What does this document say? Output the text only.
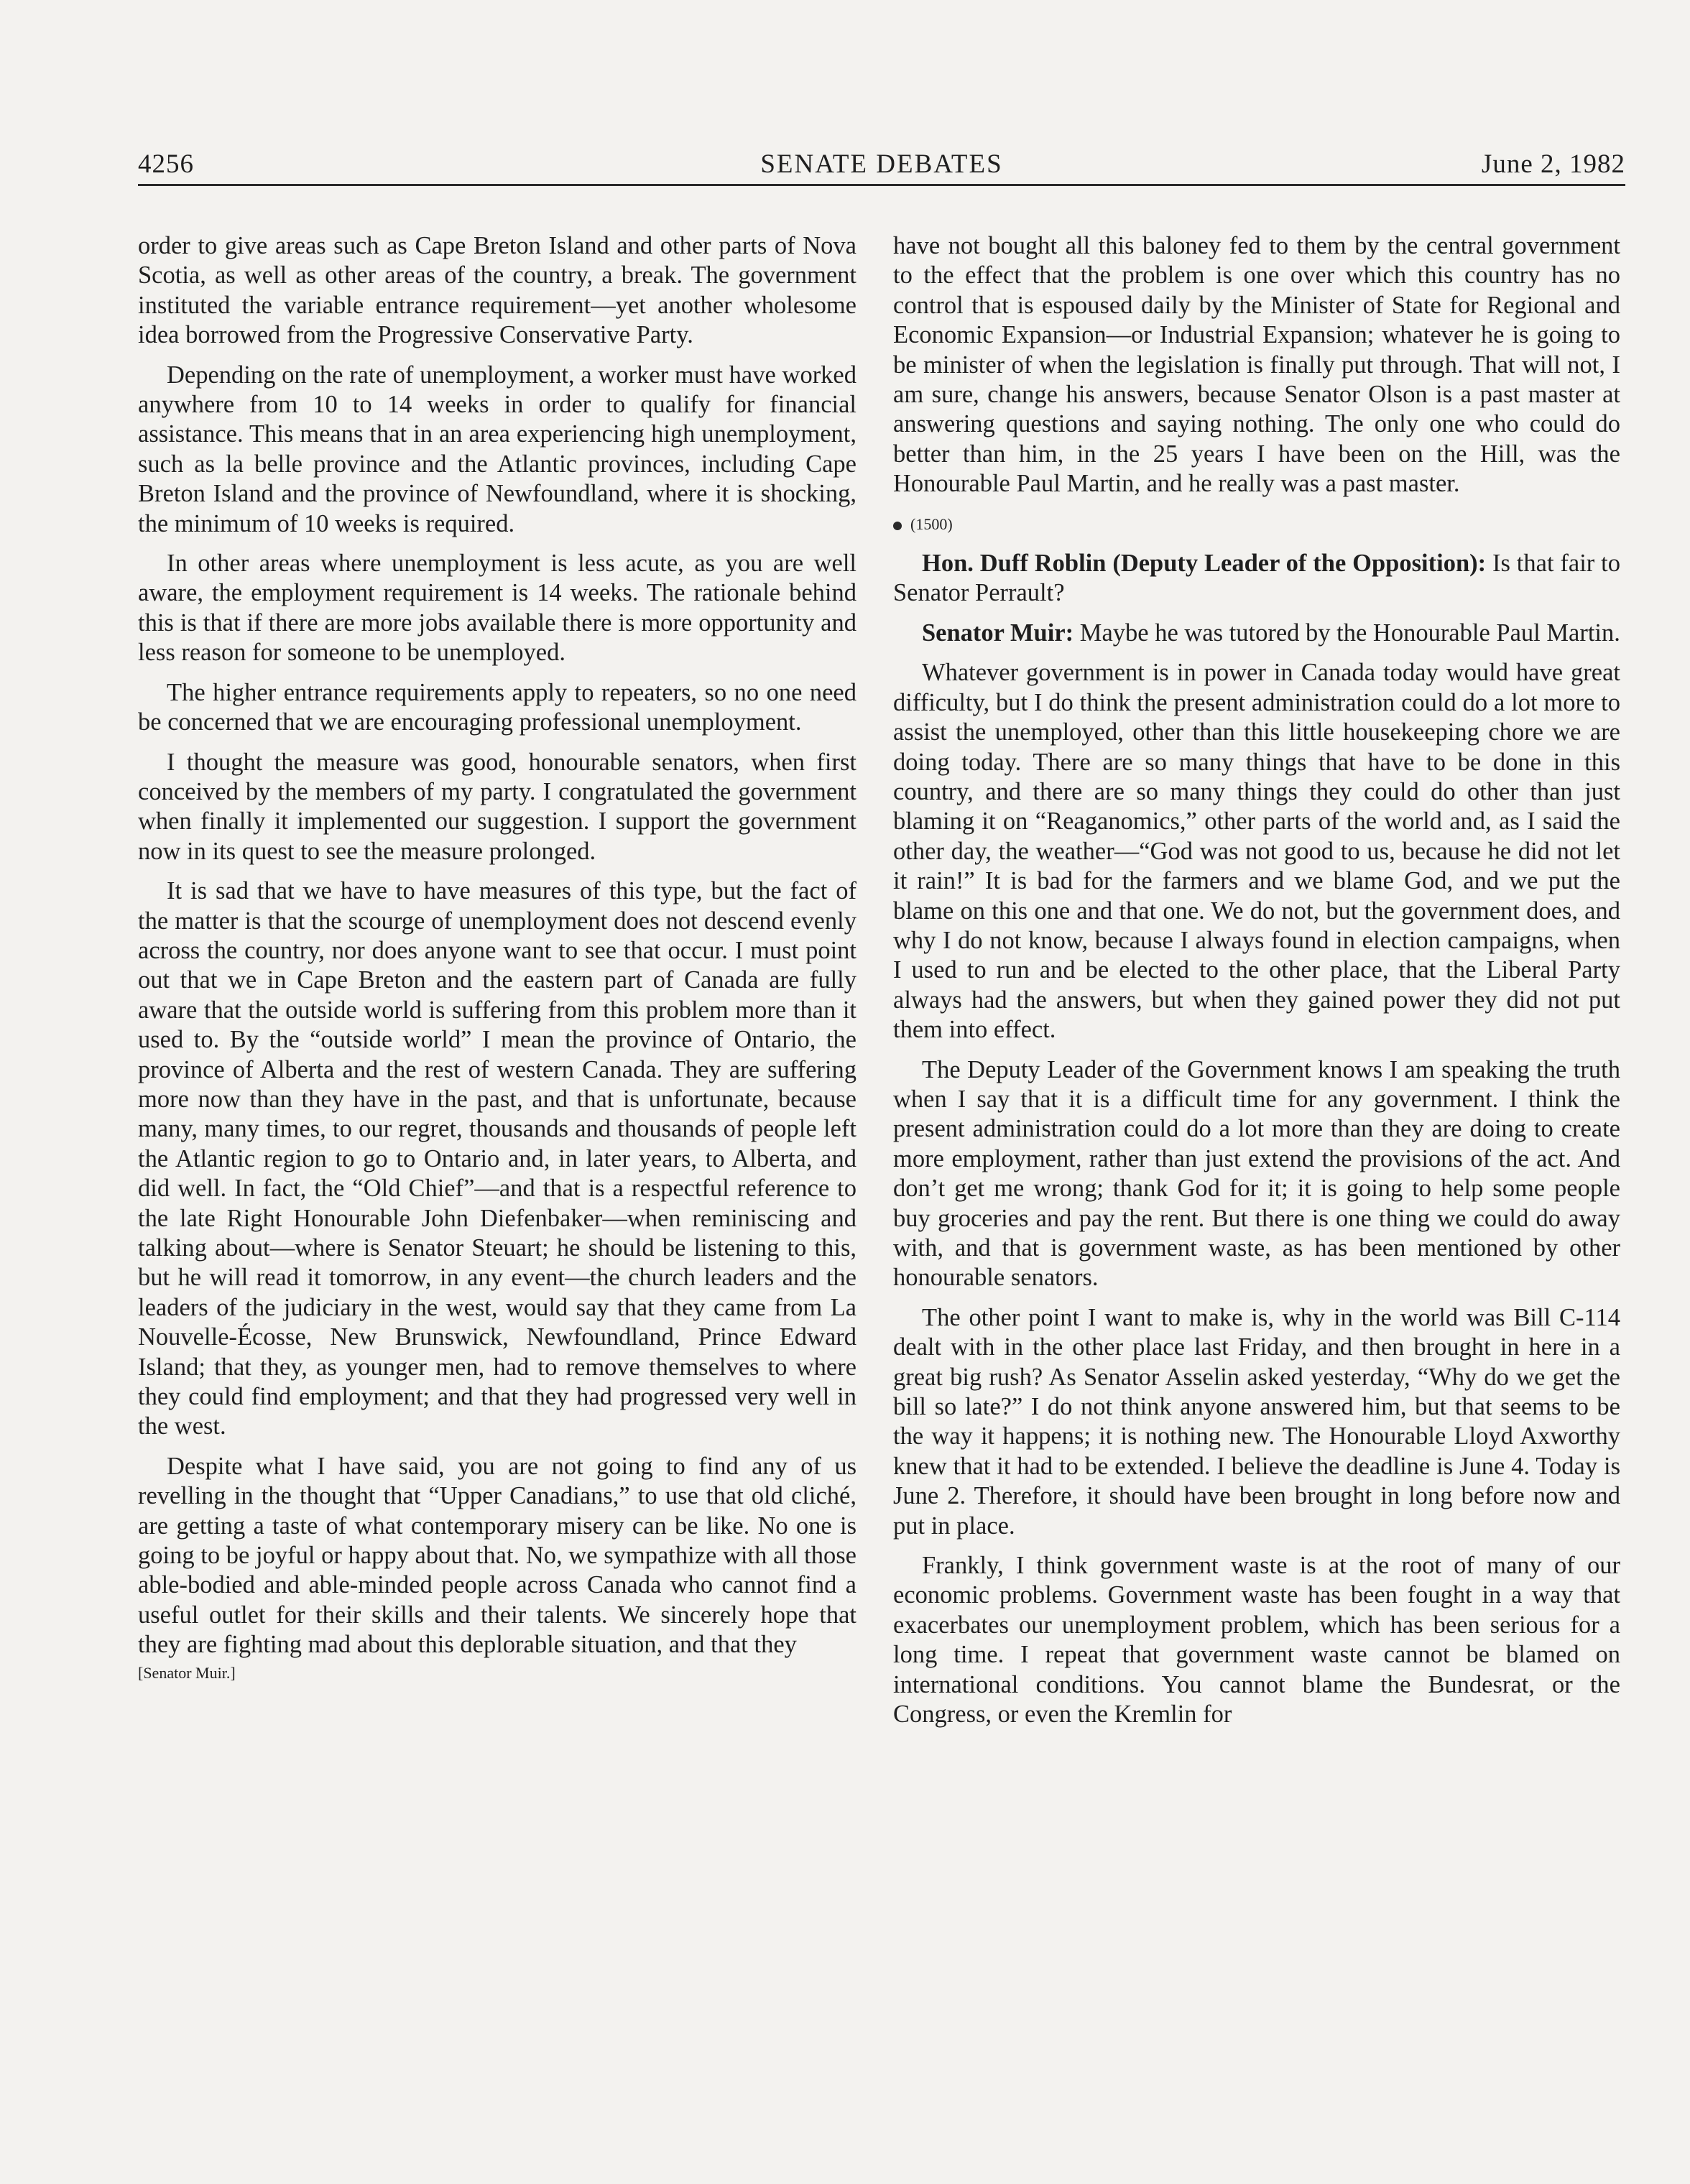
4256	SENATE DEBATES	June 2, 1982

order to give areas such as Cape Breton Island and other parts of Nova Scotia, as well as other areas of the country, a break. The government instituted the variable entrance requirement—yet another wholesome idea borrowed from the Progressive Conservative Party.

Depending on the rate of unemployment, a worker must have worked anywhere from 10 to 14 weeks in order to qualify for financial assistance. This means that in an area experiencing high unemployment, such as la belle province and the Atlantic provinces, including Cape Breton Island and the province of Newfoundland, where it is shocking, the minimum of 10 weeks is required.

In other areas where unemployment is less acute, as you are well aware, the employment requirement is 14 weeks. The rationale behind this is that if there are more jobs available there is more opportunity and less reason for someone to be unemployed.

The higher entrance requirements apply to repeaters, so no one need be concerned that we are encouraging professional unemployment.

I thought the measure was good, honourable senators, when first conceived by the members of my party. I congratulated the government when finally it implemented our suggestion. I support the government now in its quest to see the measure prolonged.

It is sad that we have to have measures of this type, but the fact of the matter is that the scourge of unemployment does not descend evenly across the country, nor does anyone want to see that occur. I must point out that we in Cape Breton and the eastern part of Canada are fully aware that the outside world is suffering from this problem more than it used to. By the “outside world” I mean the province of Ontario, the province of Alberta and the rest of western Canada. They are suffering more now than they have in the past, and that is unfortunate, because many, many times, to our regret, thousands and thousands of people left the Atlantic region to go to Ontario and, in later years, to Alberta, and did well. In fact, the “Old Chief”—and that is a respectful reference to the late Right Honourable John Diefenbaker—when reminiscing and talking about—where is Senator Steuart; he should be listening to this, but he will read it tomorrow, in any event—the church leaders and the leaders of the judiciary in the west, would say that they came from La Nouvelle-Écosse, New Brunswick, Newfoundland, Prince Edward Island; that they, as younger men, had to remove themselves to where they could find employment; and that they had progressed very well in the west.

Despite what I have said, you are not going to find any of us revelling in the thought that “Upper Canadians,” to use that old cliché, are getting a taste of what contemporary misery can be like. No one is going to be joyful or happy about that. No, we sympathize with all those able-bodied and able-minded people across Canada who cannot find a useful outlet for their skills and their talents. We sincerely hope that they are fighting mad about this deplorable situation, and that they

[Senator Muir.]

have not bought all this baloney fed to them by the central government to the effect that the problem is one over which this country has no control that is espoused daily by the Minister of State for Regional and Economic Expansion—or Industrial Expansion; whatever he is going to be minister of when the legislation is finally put through. That will not, I am sure, change his answers, because Senator Olson is a past master at answering questions and saying nothing. The only one who could do better than him, in the 25 years I have been on the Hill, was the Honourable Paul Martin, and he really was a past master.

(1500)

Hon. Duff Roblin (Deputy Leader of the Opposition): Is that fair to Senator Perrault?

Senator Muir: Maybe he was tutored by the Honourable Paul Martin.

Whatever government is in power in Canada today would have great difficulty, but I do think the present administration could do a lot more to assist the unemployed, other than this little housekeeping chore we are doing today. There are so many things that have to be done in this country, and there are so many things they could do other than just blaming it on “Reaganomics,” other parts of the world and, as I said the other day, the weather—“God was not good to us, because he did not let it rain!” It is bad for the farmers and we blame God, and we put the blame on this one and that one. We do not, but the government does, and why I do not know, because I always found in election campaigns, when I used to run and be elected to the other place, that the Liberal Party always had the answers, but when they gained power they did not put them into effect.

The Deputy Leader of the Government knows I am speaking the truth when I say that it is a difficult time for any government. I think the present administration could do a lot more than they are doing to create more employment, rather than just extend the provisions of the act. And don’t get me wrong; thank God for it; it is going to help some people buy groceries and pay the rent. But there is one thing we could do away with, and that is government waste, as has been mentioned by other honourable senators.

The other point I want to make is, why in the world was Bill C-114 dealt with in the other place last Friday, and then brought in here in a great big rush? As Senator Asselin asked yesterday, “Why do we get the bill so late?” I do not think anyone answered him, but that seems to be the way it happens; it is nothing new. The Honourable Lloyd Axworthy knew that it had to be extended. I believe the deadline is June 4. Today is June 2. Therefore, it should have been brought in long before now and put in place.

Frankly, I think government waste is at the root of many of our economic problems. Government waste has been fought in a way that exacerbates our unemployment problem, which has been serious for a long time. I repeat that government waste cannot be blamed on international conditions. You cannot blame the Bundesrat, or the Congress, or even the Kremlin for
